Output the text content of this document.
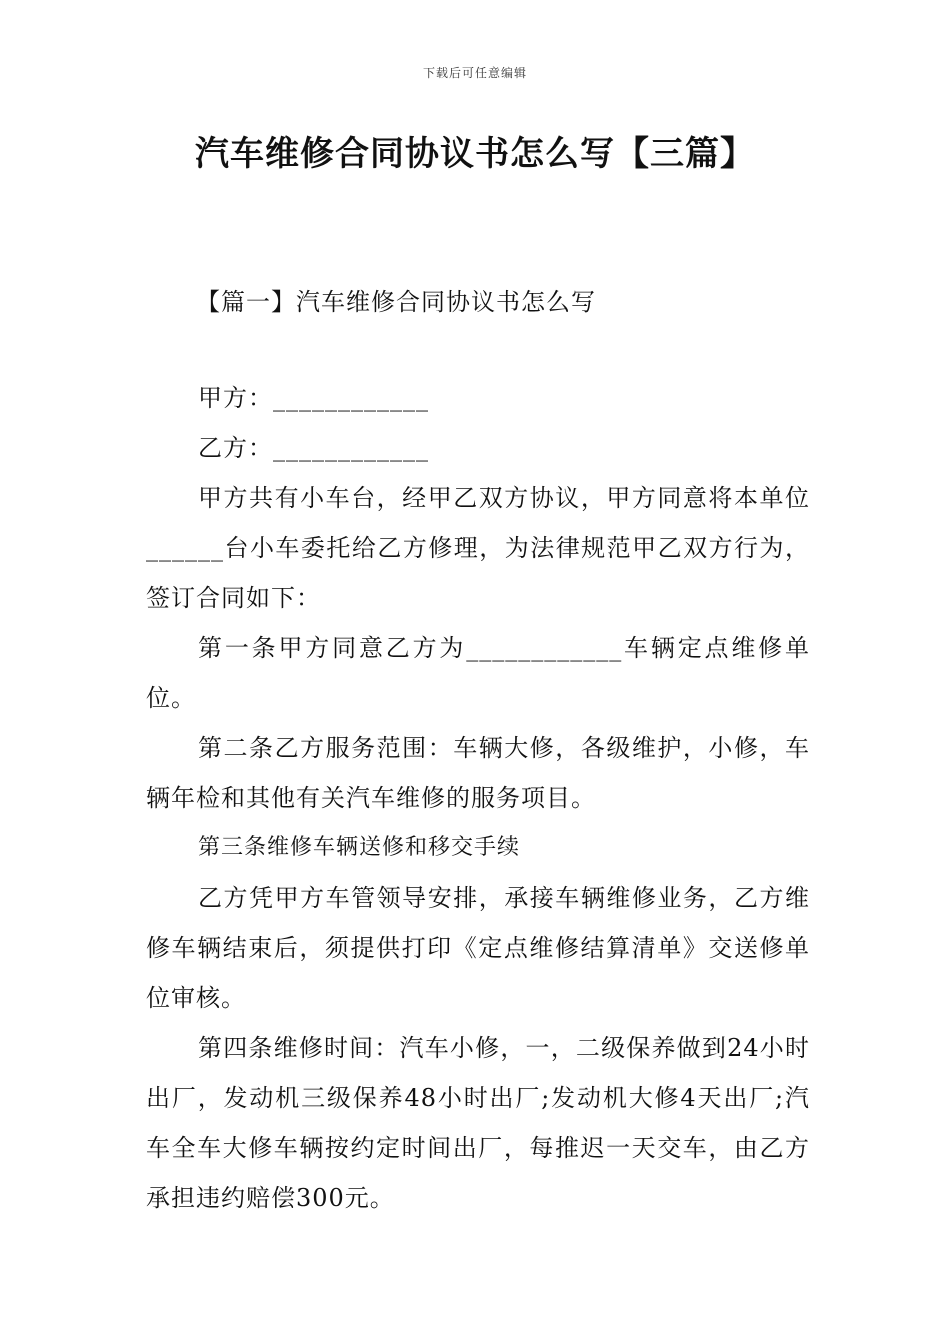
下载后可任意编辑
汽车维修合同协议书怎么写【三篇】
【篇一】汽车维修合同协议书怎么写

甲方：____________

乙方：____________

甲方共有小车台，经甲乙双方协议，甲方同意将本单位______台小车委托给乙方修理，为法律规范甲乙双方行为，签订合同如下：

第一条甲方同意乙方为____________车辆定点维修单位。

第二条乙方服务范围：车辆大修，各级维护，小修，车辆年检和其他有关汽车维修的服务项目。

第三条维修车辆送修和移交手续

乙方凭甲方车管领导安排，承接车辆维修业务，乙方维修车辆结束后，须提供打印《定点维修结算清单》交送修单位审核。

第四条维修时间：汽车小修，一，二级保养做到24小时出厂，发动机三级保养48小时出厂;发动机大修4天出厂;汽车全车大修车辆按约定时间出厂，每推迟一天交车，由乙方承担违约赔偿300元。
